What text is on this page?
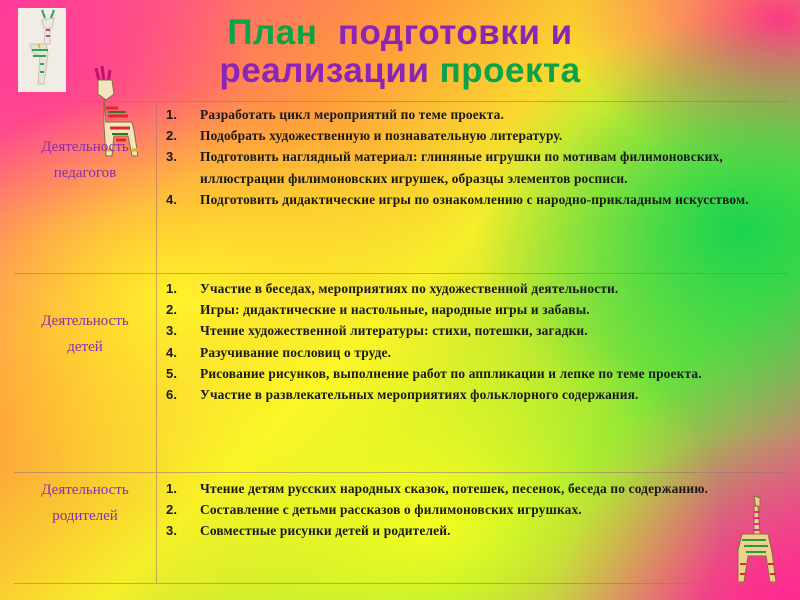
План подготовки и
реализации проекта
Деятельность
педагогов
1. Разработать цикл мероприятий по теме проекта.
2. Подобрать художественную и познавательную литературу.
3. Подготовить наглядный материал: глиняные игрушки по мотивам филимоновских, иллюстрации филимоновских игрушек, образцы элементов росписи.
4. Подготовить дидактические игры по ознакомлению с народно-прикладным искусством.
Деятельность
детей
1. Участие в беседах, мероприятиях по художественной деятельности.
2. Игры: дидактические и настольные, народные игры и забавы.
3. Чтение художественной литературы: стихи, потешки, загадки.
4. Разучивание пословиц о труде.
5. Рисование рисунков, выполнение работ по аппликации и лепке по теме проекта.
6. Участие в развлекательных мероприятиях фольклорного содержания.
Деятельность
родителей
1. Чтение детям русских народных сказок, потешек, песенок, беседа по содержанию.
2. Составление с детьми рассказов о филимоновских игрушках.
3. Совместные рисунки детей и родителей.
